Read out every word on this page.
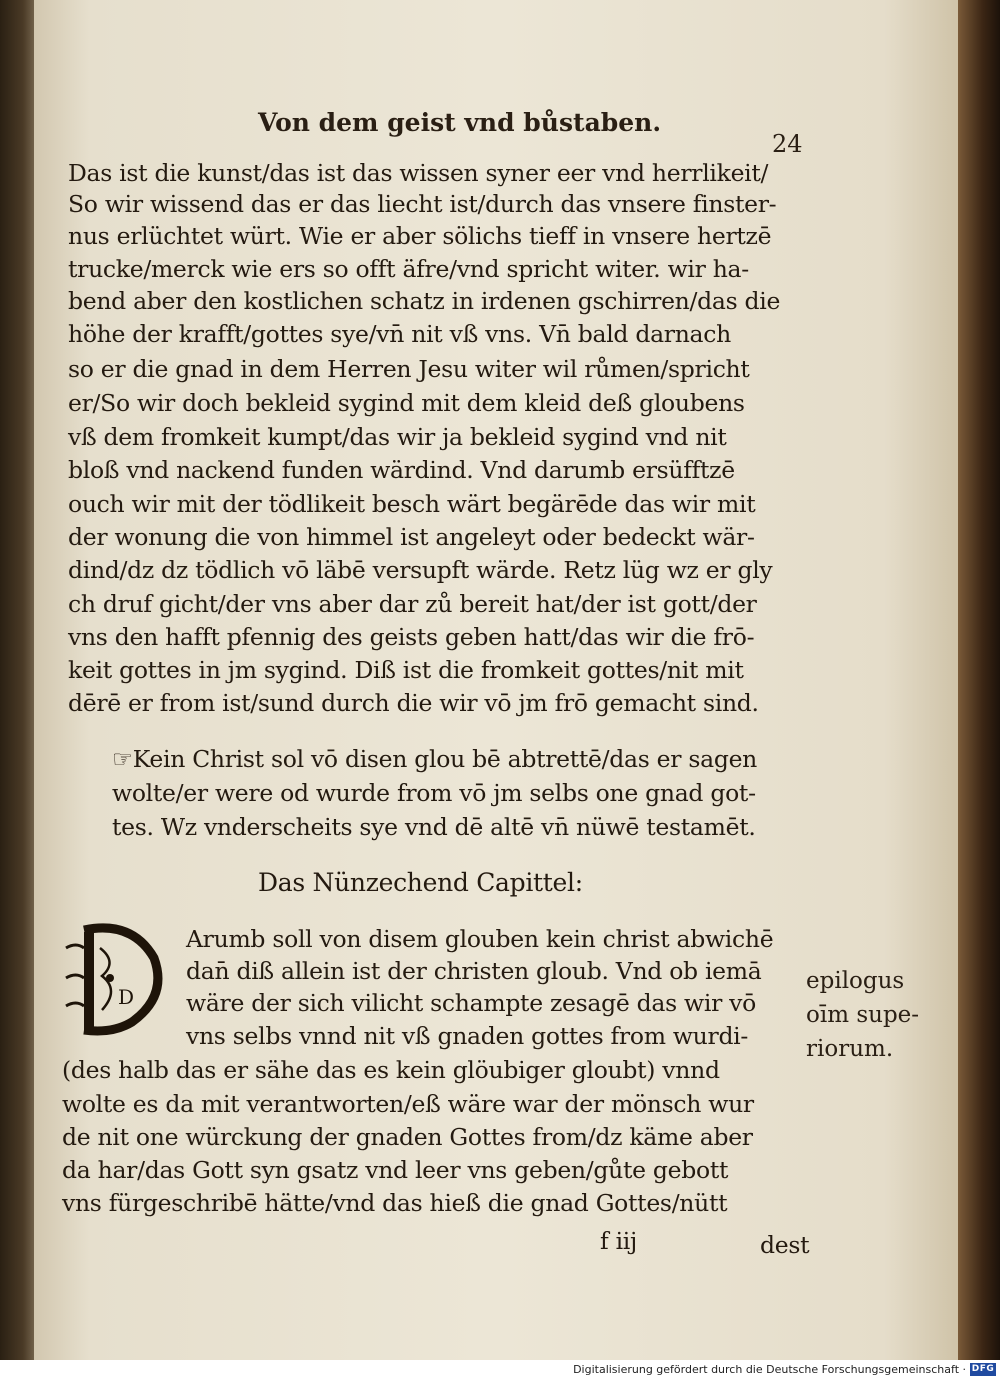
Von dem geist vnd bůstaben.
24
Das ist die kunst/das ist das wissen syner eer vnd herrlikeit/
So wir wissend das er das liecht ist/durch das vnsere finster‑
nus erlüchtet würt. Wie er aber sölichs tieff in vnsere hertzē
trucke/merck wie ers so offt äfre/vnd spricht witer. wir ha‑
bend aber den kostlichen schatz in irdenen gschirren/das die
höhe der krafft/gottes sye/vn̄ nit vß vns. Vn̄ bald darnach
so er die gnad in dem Herren Jesu witer wil růmen/spricht
er/So wir doch bekleid sygind mit dem kleid deß gloubens
vß dem fromkeit kumpt/das wir ja bekleid sygind vnd nit
bloß vnd nackend funden wärdind. Vnd darumb ersüfftzē
ouch wir mit der tödlikeit besch wärt begärēde das wir mit
der wonung die von himmel ist angeleyt oder bedeckt wär‑
dind/dz dz tödlich vō läbē versupft wärde. Retz lüg wz er gly
ch druf gicht/der vns aber dar zů bereit hat/der ist gott/der
vns den hafft pfennig des geists geben hatt/das wir die frō‑
keit gottes in jm sygind. Diß ist die fromkeit gottes/nit mit
dērē er from ist/sund durch die wir vō jm frō gemacht sind.
☞Kein Christ sol vō disen glou bē abtrettē/das er sagen
wolte/er were od wurde from vō jm selbs one gnad got‑
tes. Wz vnderscheits sye vnd dē altē vn̄ nüwē testamēt.
Das Nünzechend Capittel:
D
Arumb soll von disem glouben kein christ abwichē
dan̄ diß allein ist der christen gloub. Vnd ob iemā
wäre der sich vilicht schampte zesagē das wir vō
vns selbs vnnd nit vß gnaden gottes from wurdi‑
(des halb das er sähe das es kein glöubiger gloubt) vnnd
wolte es da mit verantworten/eß wäre war der mönsch wur
de nit one würckung der gnaden Gottes from/dz käme aber
da har/das Gott syn gsatz vnd leer vns geben/gůte gebott
vns fürgeschribē hätte/vnd das hieß die gnad Gottes/nütt
epilogus
oīm supe‑
riorum.
f iij	dest
Digitalisierung gefördert durch die Deutsche Forschungsgemeinschaft · DFG
